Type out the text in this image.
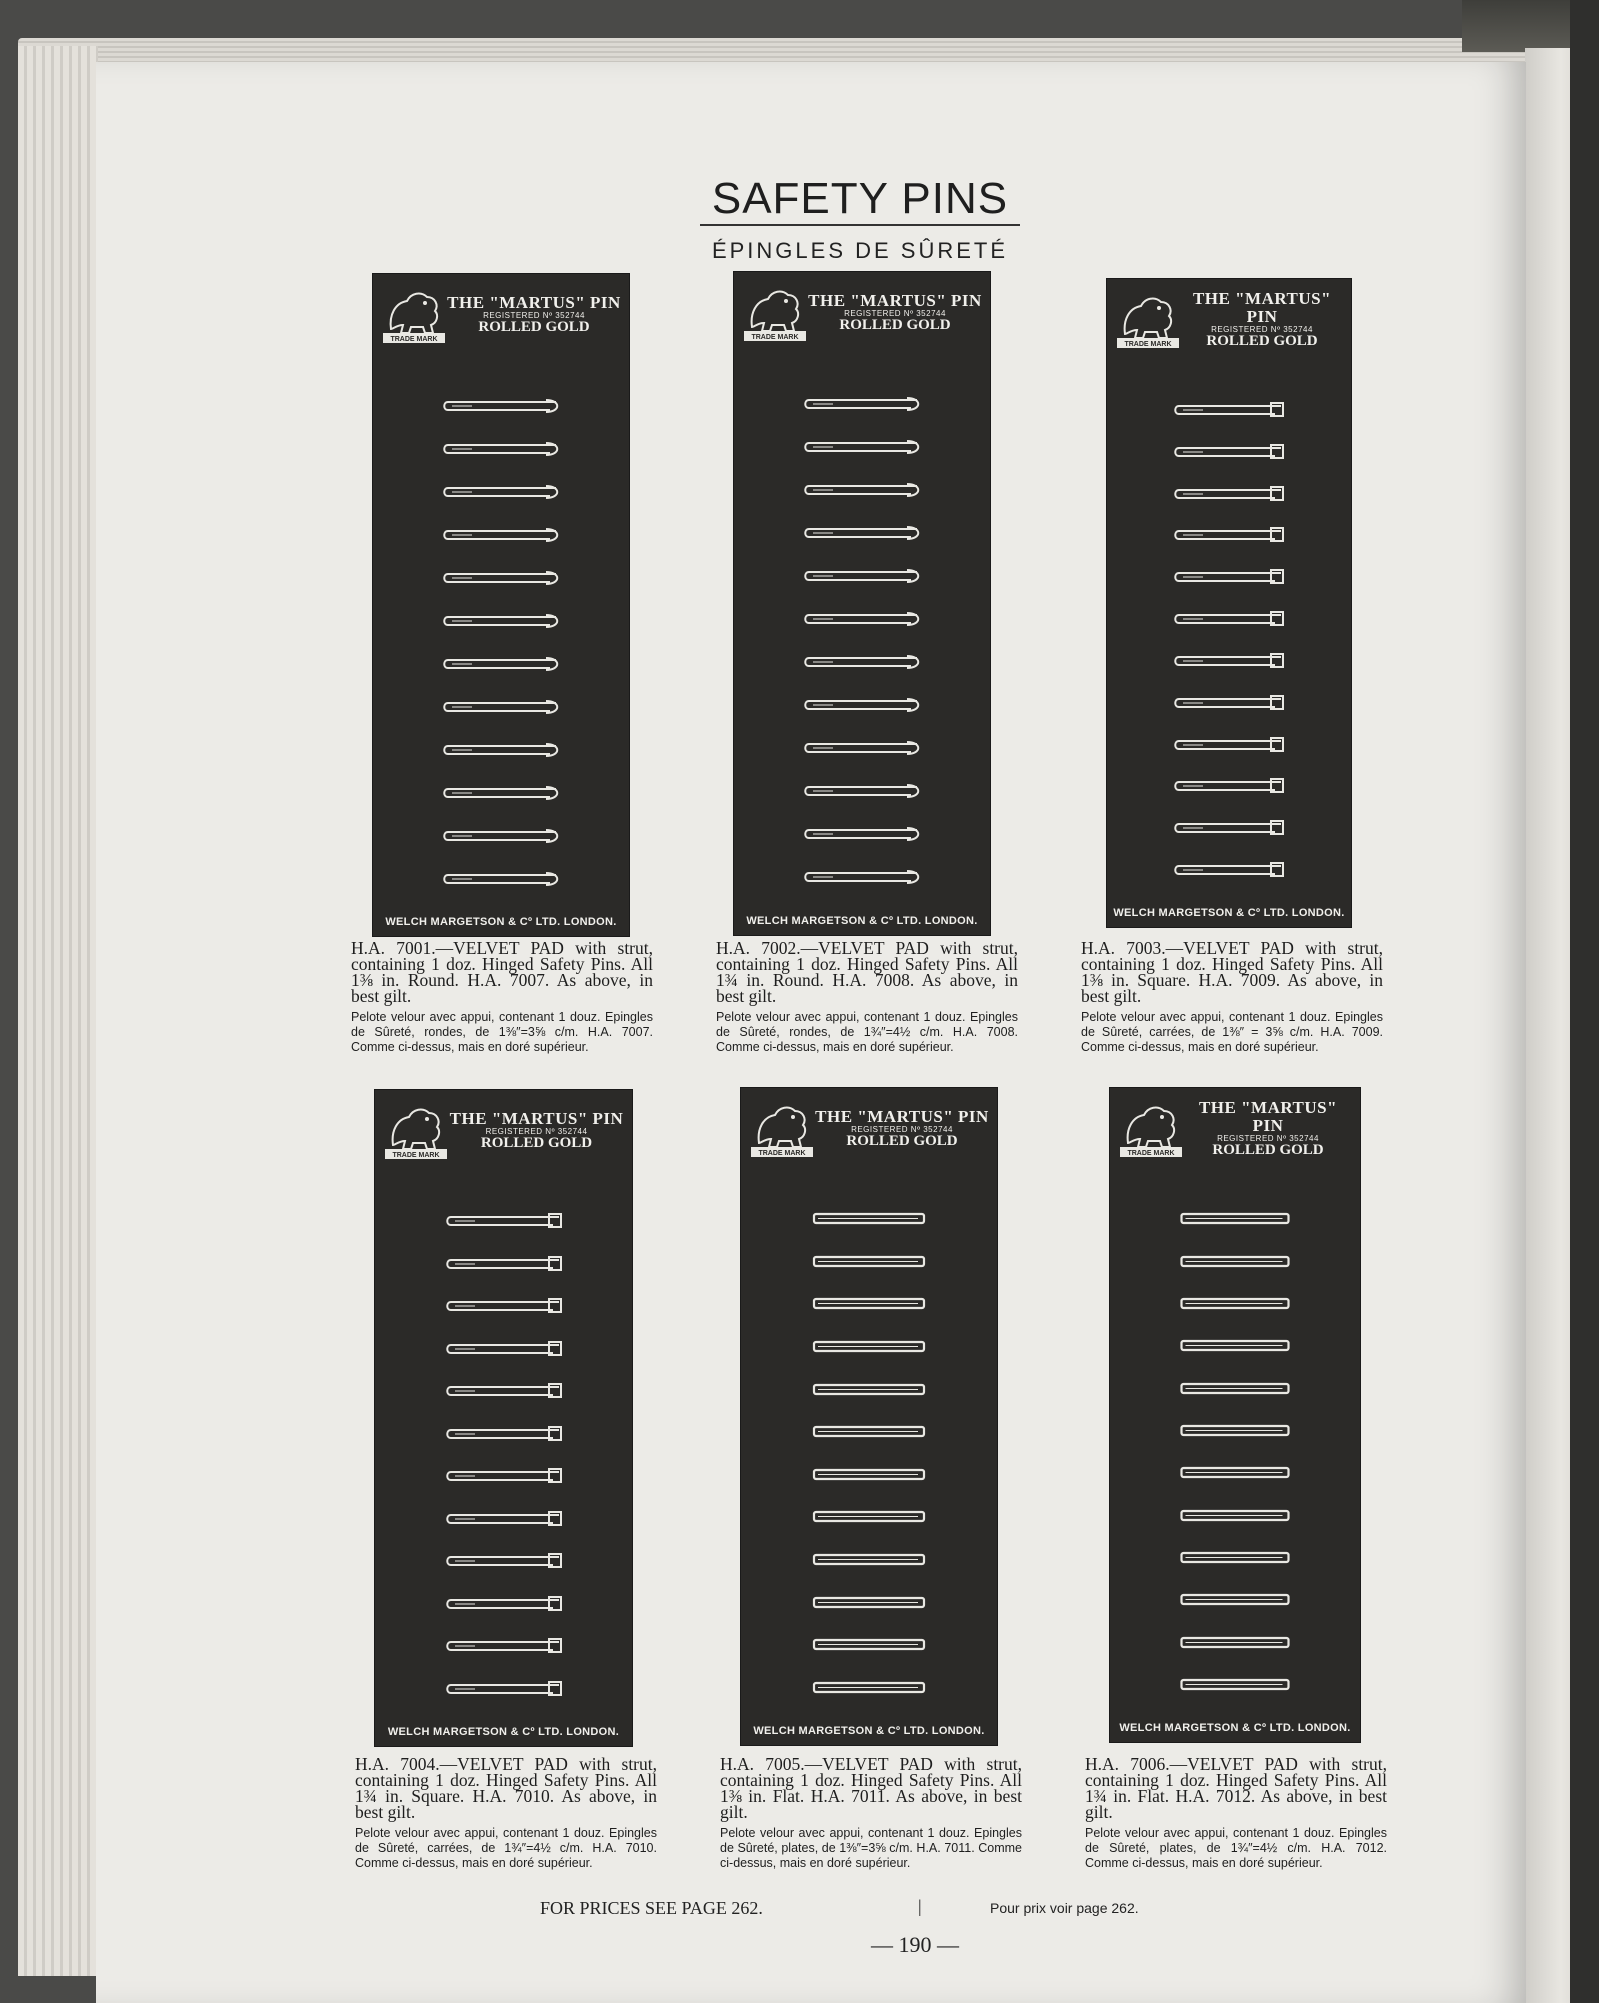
SAFETY PINS
ÉPINGLES DE SÛRETÉ
TRADE MARK
THE "MARTUS" PIN
REGISTERED Nº 352744
ROLLED GOLD
WELCH MARGETSON & Cº LTD. LONDON.
TRADE MARK
THE "MARTUS" PIN
REGISTERED Nº 352744
ROLLED GOLD
WELCH MARGETSON & Cº LTD. LONDON.
TRADE MARK
THE "MARTUS" PIN
REGISTERED Nº 352744
ROLLED GOLD
WELCH MARGETSON & Cº LTD. LONDON.
TRADE MARK
THE "MARTUS" PIN
REGISTERED Nº 352744
ROLLED GOLD
WELCH MARGETSON & Cº LTD. LONDON.
TRADE MARK
THE "MARTUS" PIN
REGISTERED Nº 352744
ROLLED GOLD
WELCH MARGETSON & Cº LTD. LONDON.
TRADE MARK
THE "MARTUS" PIN
REGISTERED Nº 352744
ROLLED GOLD
WELCH MARGETSON & Cº LTD. LONDON.

H.A. 7001.—VELVET PAD with strut, containing 1 doz. Hinged Safety Pins. All 1⅜ in. Round. H.A. 7007. As above, in best gilt.

Pelote velour avec appui, contenant 1 douz. Epingles de Sûreté, rondes, de 1⅜″=3⅝ c/m. H.A. 7007. Comme ci-dessus, mais en doré supérieur.

H.A. 7002.—VELVET PAD with strut, containing 1 doz. Hinged Safety Pins. All 1¾ in. Round. H.A. 7008. As above, in best gilt.

Pelote velour avec appui, contenant 1 douz. Epingles de Sûreté, rondes, de 1¾″=4½ c/m. H.A. 7008. Comme ci-dessus, mais en doré supérieur.

H.A. 7003.—VELVET PAD with strut, containing 1 doz. Hinged Safety Pins. All 1⅜ in. Square. H.A. 7009. As above, in best gilt.

Pelote velour avec appui, contenant 1 douz. Epingles de Sûreté, carrées, de 1⅜″ = 3⅝ c/m. H.A. 7009. Comme ci-dessus, mais en doré supérieur.

H.A. 7004.—VELVET PAD with strut, containing 1 doz. Hinged Safety Pins. All 1¾ in. Square. H.A. 7010. As above, in best gilt.

Pelote velour avec appui, contenant 1 douz. Epingles de Sûreté, carrées, de 1¾″=4½ c/m. H.A. 7010. Comme ci-dessus, mais en doré supérieur.

H.A. 7005.—VELVET PAD with strut, containing 1 doz. Hinged Safety Pins. All 1⅜ in. Flat. H.A. 7011. As above, in best gilt.

Pelote velour avec appui, contenant 1 douz. Epingles de Sûreté, plates, de 1⅜″=3⅝ c/m. H.A. 7011. Comme ci-dessus, mais en doré supérieur.

H.A. 7006.—VELVET PAD with strut, containing 1 doz. Hinged Safety Pins. All 1¾ in. Flat. H.A. 7012. As above, in best gilt.

Pelote velour avec appui, contenant 1 douz. Epingles de Sûreté, plates, de 1¾″=4½ c/m. H.A. 7012. Comme ci-dessus, mais en doré supérieur.

FOR PRICES SEE PAGE 262.	|	Pour prix voir page 262.
— 190 —
